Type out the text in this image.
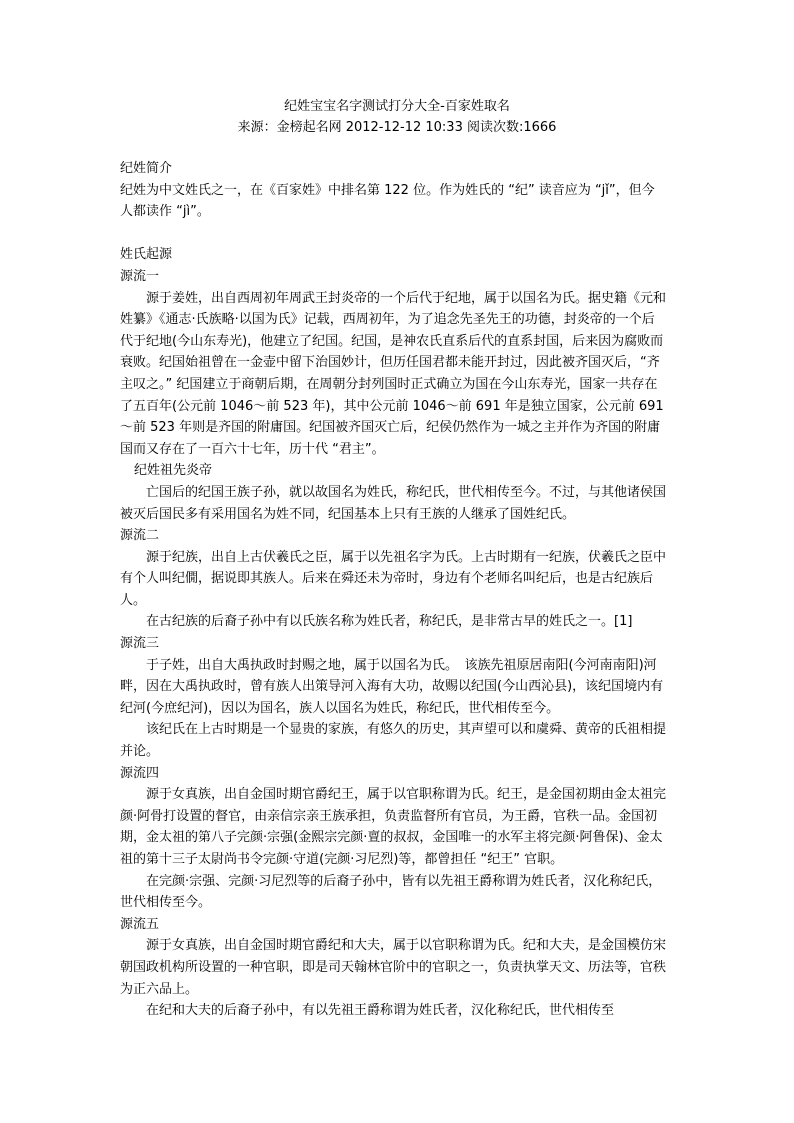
纪姓宝宝名字测试打分大全-百家姓取名
来源：金榜起名网 2012-12-12 10:33 阅读次数:1666

纪姓简介

纪姓为中文姓氏之一，在《百家姓》中排名第 122 位。作为姓氏的 “纪” 读音应为 “jǐ”，但今人都读作 “jì”。

姓氏起源

源流一

源于姜姓，出自西周初年周武王封炎帝的一个后代于纪地，属于以国名为氏。据史籍《元和姓纂》《通志·氏族略·以国为氏》记载，西周初年，为了追念先圣先王的功德，封炎帝的一个后代于纪地(今山东寿光)，他建立了纪国。纪国，是神农氏直系后代的直系封国，后来因为腐败而衰败。纪国始祖曾在一金壶中留下治国妙计，但历任国君都未能开封过，因此被齐国灭后，“齐主叹之。” 纪国建立于商朝后期，在周朝分封列国时正式确立为国在今山东寿光，国家一共存在了五百年(公元前 1046～前 523 年)，其中公元前 1046～前 691 年是独立国家，公元前 691～前 523 年则是齐国的附庸国。纪国被齐国灭亡后，纪侯仍然作为一城之主并作为齐国的附庸国而又存在了一百六十七年，历十代 “君主”。

纪姓祖先炎帝

亡国后的纪国王族子孙，就以故国名为姓氏，称纪氏，世代相传至今。不过，与其他诸侯国被灭后国民多有采用国名为姓不同，纪国基本上只有王族的人继承了国姓纪氏。

源流二

源于纪族，出自上古伏羲氏之臣，属于以先祖名字为氏。上古时期有一纪族，伏羲氏之臣中有个人叫纪僩，据说即其族人。后来在舜还未为帝时，身边有个老师名叫纪后，也是古纪族后人。

在古纪族的后裔子孙中有以氏族名称为姓氏者，称纪氏，是非常古早的姓氏之一。[1]

源流三

于子姓，出自大禹执政时封赐之地，属于以国名为氏。　该族先祖原居南阳(今河南南阳)河畔，因在大禹执政时，曾有族人出策导河入海有大功，故赐以纪国(今山西沁县)，该纪国境内有纪河(今庶纪河)，因以为国名，族人以国名为姓氏，称纪氏，世代相传至今。

该纪氏在上古时期是一个显贵的家族，有悠久的历史，其声望可以和虞舜、黄帝的氏祖相提并论。

源流四

源于女真族，出自金国时期官爵纪王，属于以官职称谓为氏。纪王，是金国初期由金太祖完颜·阿骨打设置的督官，由亲信宗亲王族承担，负责监督所有官员，为王爵，官秩一品。金国初期，金太祖的第八子完颜·宗强(金熙宗完颜·亶的叔叔，金国唯一的水军主将完颜·阿鲁保)、金太祖的第十三子太尉尚书令完颜·守道(完颜·习尼烈)等，都曾担任 “纪王” 官职。

在完颜·宗强、完颜·习尼烈等的后裔子孙中，皆有以先祖王爵称谓为姓氏者，汉化称纪氏，世代相传至今。

源流五

源于女真族，出自金国时期官爵纪和大夫，属于以官职称谓为氏。纪和大夫，是金国模仿宋朝国政机构所设置的一种官职，即是司天翰林官阶中的官职之一，负责执掌天文、历法等，官秩为正六品上。

在纪和大夫的后裔子孙中，有以先祖王爵称谓为姓氏者，汉化称纪氏，世代相传至
